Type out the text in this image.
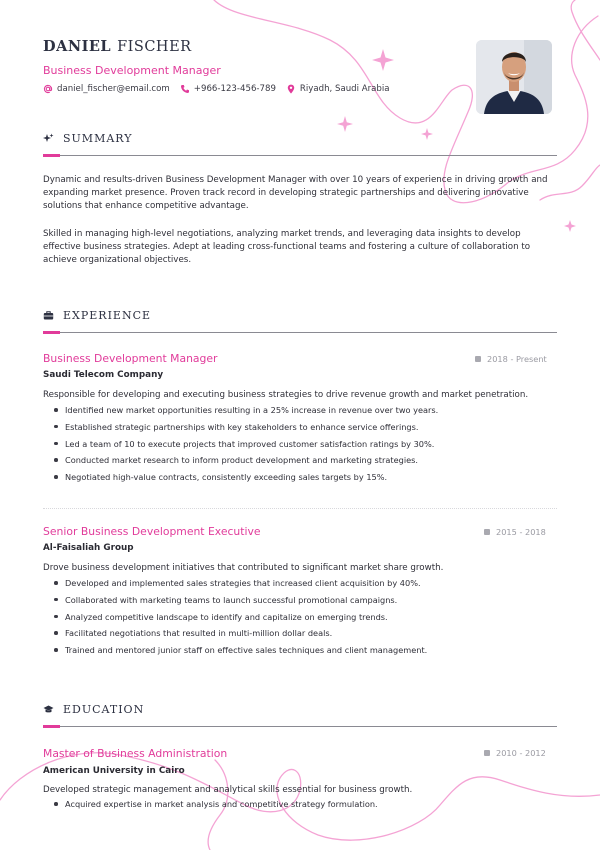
DANIEL FISCHER
Business Development Manager
daniel_fischer@email.com	+966-123-456-789	Riyadh, Saudi Arabia
SUMMARY
Dynamic and results-driven Business Development Manager with over 10 years of experience in driving growth and expanding market presence. Proven track record in developing strategic partnerships and delivering innovative solutions that enhance competitive advantage.
Skilled in managing high-level negotiations, analyzing market trends, and leveraging data insights to develop effective business strategies. Adept at leading cross-functional teams and fostering a culture of collaboration to achieve organizational objectives.
EXPERIENCE
Business Development Manager	2018 - Present
Saudi Telecom Company
Responsible for developing and executing business strategies to drive revenue growth and market penetration.
Identified new market opportunities resulting in a 25% increase in revenue over two years.
Established strategic partnerships with key stakeholders to enhance service offerings.
Led a team of 10 to execute projects that improved customer satisfaction ratings by 30%.
Conducted market research to inform product development and marketing strategies.
Negotiated high-value contracts, consistently exceeding sales targets by 15%.
Senior Business Development Executive	2015 - 2018
Al-Faisaliah Group
Drove business development initiatives that contributed to significant market share growth.
Developed and implemented sales strategies that increased client acquisition by 40%.
Collaborated with marketing teams to launch successful promotional campaigns.
Analyzed competitive landscape to identify and capitalize on emerging trends.
Facilitated negotiations that resulted in multi-million dollar deals.
Trained and mentored junior staff on effective sales techniques and client management.
EDUCATION
Master of Business Administration	2010 - 2012
American University in Cairo
Developed strategic management and analytical skills essential for business growth.
Acquired expertise in market analysis and competitive strategy formulation.
